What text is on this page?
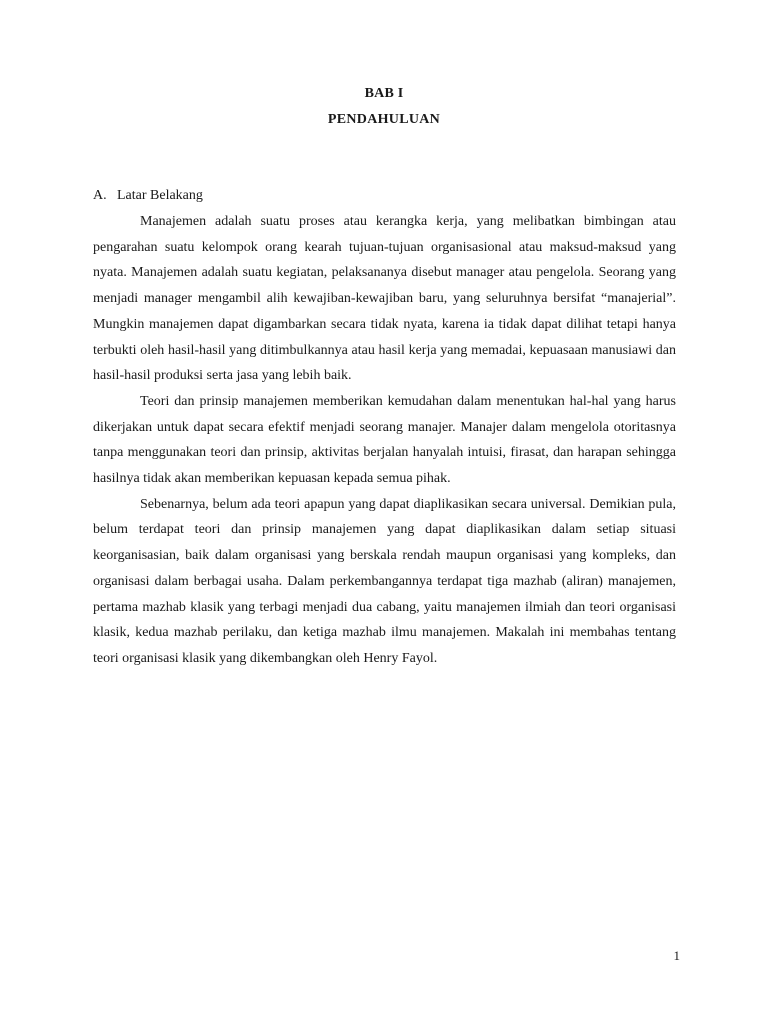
BAB I
PENDAHULUAN
A. Latar Belakang

Manajemen adalah suatu proses atau kerangka kerja, yang melibatkan bimbingan atau pengarahan suatu kelompok orang kearah tujuan-tujuan organisasional atau maksud-maksud yang nyata. Manajemen adalah suatu kegiatan, pelaksananya disebut manager atau pengelola. Seorang yang menjadi manager mengambil alih kewajiban-kewajiban baru, yang seluruhnya bersifat “manajerial”. Mungkin manajemen dapat digambarkan secara tidak nyata, karena ia tidak dapat dilihat tetapi hanya terbukti oleh hasil-hasil yang ditimbulkannya atau hasil kerja yang memadai, kepuasaan manusiawi dan hasil-hasil produksi serta jasa yang lebih baik.

Teori dan prinsip manajemen memberikan kemudahan dalam menentukan hal-hal yang harus dikerjakan untuk dapat secara efektif menjadi seorang manajer. Manajer dalam mengelola otoritasnya tanpa menggunakan teori dan prinsip, aktivitas berjalan hanyalah intuisi, firasat, dan harapan sehingga hasilnya tidak akan memberikan kepuasan kepada semua pihak.

Sebenarnya, belum ada teori apapun yang dapat diaplikasikan secara universal. Demikian pula, belum terdapat teori dan prinsip manajemen yang dapat diaplikasikan dalam setiap situasi keorganisasian, baik dalam organisasi yang berskala rendah maupun organisasi yang kompleks, dan organisasi dalam berbagai usaha. Dalam perkembangannya terdapat tiga mazhab (aliran) manajemen, pertama mazhab klasik yang terbagi menjadi dua cabang, yaitu manajemen ilmiah dan teori organisasi klasik, kedua mazhab perilaku, dan ketiga mazhab ilmu manajemen. Makalah ini membahas tentang teori organisasi klasik yang dikembangkan oleh Henry Fayol.

1
